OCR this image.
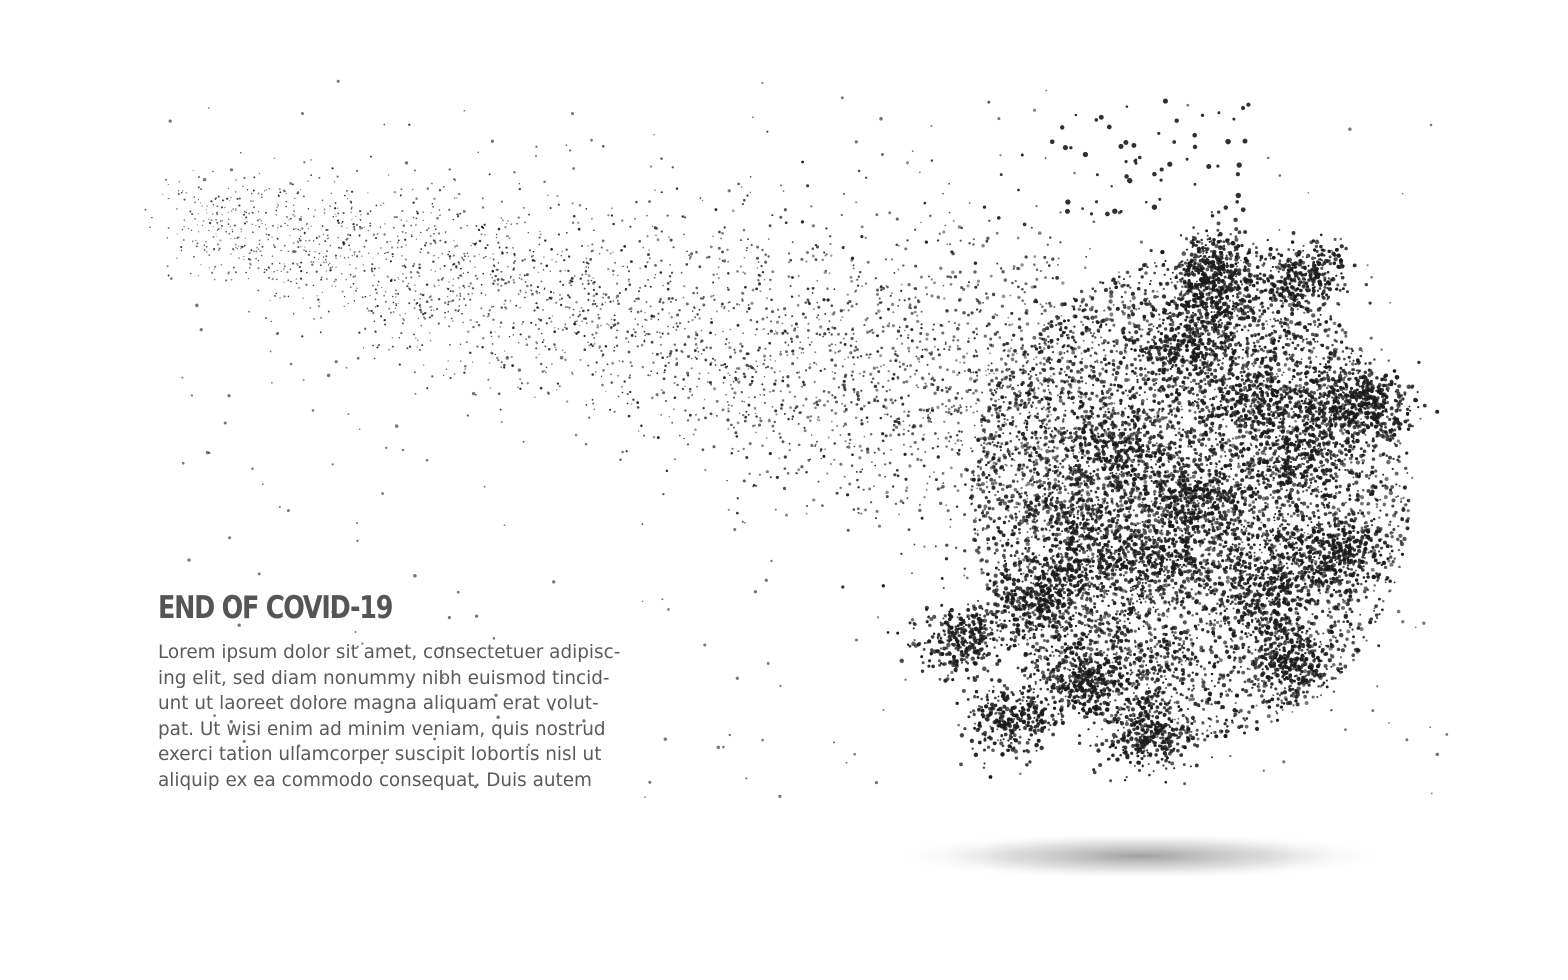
END OF COVID-19

Lorem ipsum dolor sit amet, consectetuer adipisc-
ing elit, sed diam nonummy nibh euismod tincid-
unt ut laoreet dolore magna aliquam erat volut-
pat. Ut wisi enim ad minim veniam, quis nostrud
exerci tation ullamcorper suscipit lobortis nisl ut
aliquip ex ea commodo consequat. Duis autem
